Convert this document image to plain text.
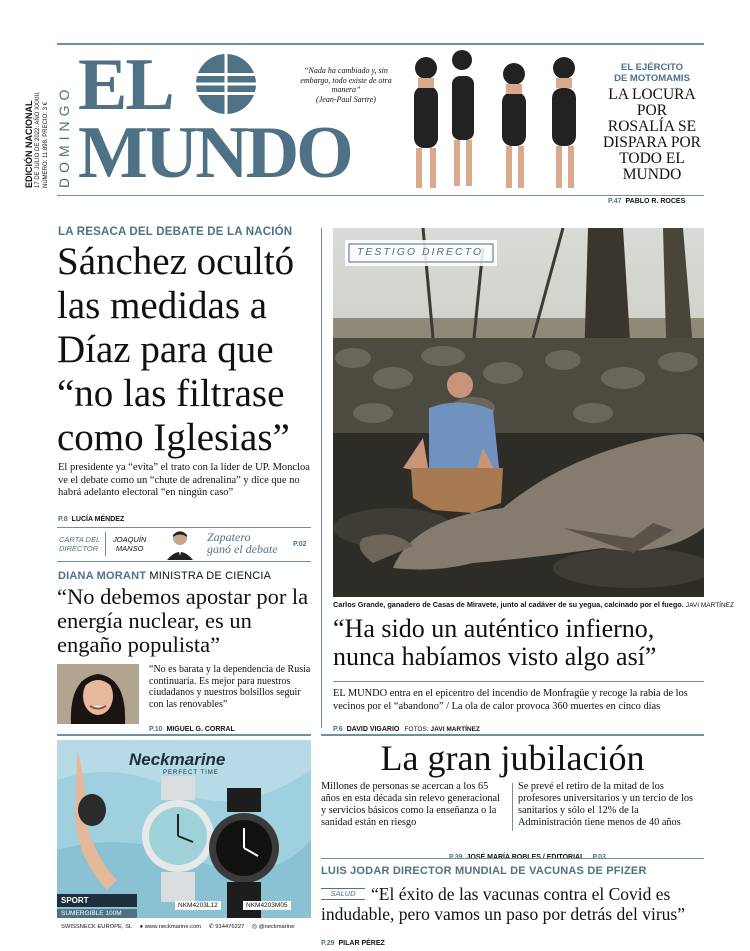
EDICIÓN NACIONAL 17 DE JULIO DE 2022. AÑO XXXIII. NÚMERO: 11.898. PRECIO: 3 € DOMINGO EL
MUNDO
“Nada ha cambiado y, sin embargo, todo existe de otra manera”
(Jean-Paul Sartre)
EL EJÉRCITO
DE MOTOMAMIS
LA LOCURA POR ROSALÍA SE DISPARA POR TODO EL MUNDO
P.47 PABLO R. ROCES
LA RESACA DEL DEBATE DE LA NACIÓN
Sánchez ocultó las medidas a Díaz para que “no las filtrase como Iglesias”
El presidente ya “evita” el trato con la líder de UP. Moncloa ve el debate como un “chute de adrenalina” y dice que no habrá adelanto electoral “en ningún caso”
P.8 LUCÍA MÉNDEZ
CARTA DEL
DIRECTOR
JOAQUÍN
MANSO
Zapatero
ganó el debate P.02
DIANA MORANT MINISTRA DE CIENCIA
“No debemos apostar por la energía nuclear, es un engaño populista”
“No es barata y la dependencia de Rusia continuaría. Es mejor para nuestros ciudadanos y nuestros bolsillos seguir con las renovables”
P.10 MIGUEL G. CORRAL
TESTIGO DIRECTO
Carlos Grande, ganadero de Casas de Miravete, junto al cadáver de su yegua, calcinado por el fuego. JAVI MARTÍNEZ
“Ha sido un auténtico infierno, nunca habíamos visto algo así”
EL MUNDO entra en el epicentro del incendio de Monfragüe y recoge la rabia de los vecinos por el “abandono” / La ola de calor provoca 360 muertes en cinco días
P.6 DAVID VIGARIO FOTOS: JAVI MARTÍNEZ
Neckmarine
PERFECT TIME
SPORT
SUMERGIBLE 100M
NKM4203L12	NKM4203M05
SWISSNECK EUROPE, SL ● www.neckmarine.com ✆ 914476227 ◎ @neckmarine
La gran jubilación
Millones de personas se acercan a los 65 años en esta década sin relevo generacional y servicios básicos como la enseñanza o la sanidad están en riesgo
Se prevé el retiro de la mitad de los profesores universitarios y un tercio de los sanitarios y sólo el 12% de la Administración tiene menos de 40 años
LUIS JODAR DIRECTOR MUNDIAL DE VACUNAS DE PFIZER
SALUD “El éxito de las vacunas contra el Covid es indudable, pero vamos un paso por detrás del virus”
P.29 PILAR PÉREZ
